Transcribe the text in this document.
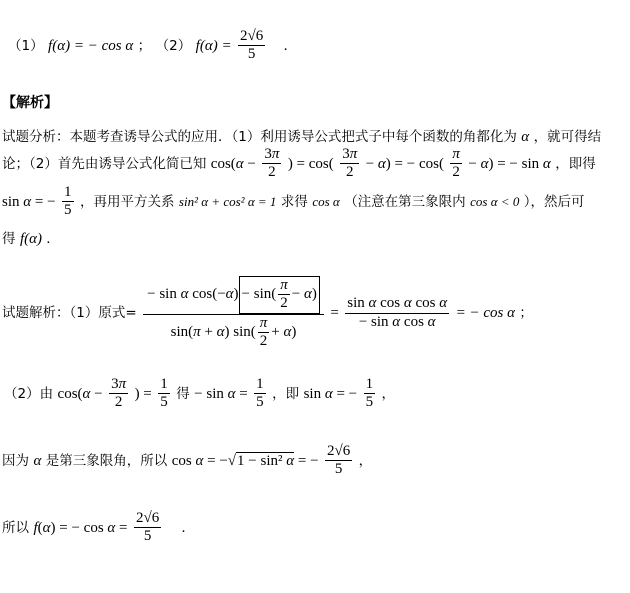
（1） f(α) = − cos α ； （2） $f(\alpha) = \frac{2√6}{5}$ .
【解析】
试题分析：本题考查诱导公式的应用．（1）利用诱导公式把式子中每个函数的角都化为 α ，就可得结
论；（2）首先由诱导公式化简已知 $\cos(\alpha - \frac{3\pi}{2}$ ) = $\cos( \frac{3\pi}{2} - \alpha)$ = − $\cos( \frac{\pi}{2} - \alpha)$ = − sin α ，即得
sin α = − $\frac{1}{5}$ ，再用平方关系 sin² α + cos² α = 1 求得 cos α （注意在第三象限内 cos α < 0 ），然后可
得 f(α) .
试题解析：（1）原式= $\frac{- \sin \alpha \cos(-\alpha) - \sin( \frac{\pi}{2} - \alpha)}{\sin(\pi + \alpha) \sin( \frac{\pi}{2} + \alpha)} = \frac{\text{sin α cos α cos α}}{\text{− sin α cos α}}$ = − cos α ；
（2）由 $\cos(\alpha - \frac{3\pi}{2}$ ) = $\frac{1}{5}$ 得 − $\sin \alpha = \frac{1}{5}$ ，即 sin α = − $\frac{1}{5}$ ，
因为 α 是第三象限角，所以 cos α = −√1 − sin² α = − $\frac{2√6}{5}$ ，
所以 f(α) = − $\cos \alpha = \frac{2√6}{5}$ .
